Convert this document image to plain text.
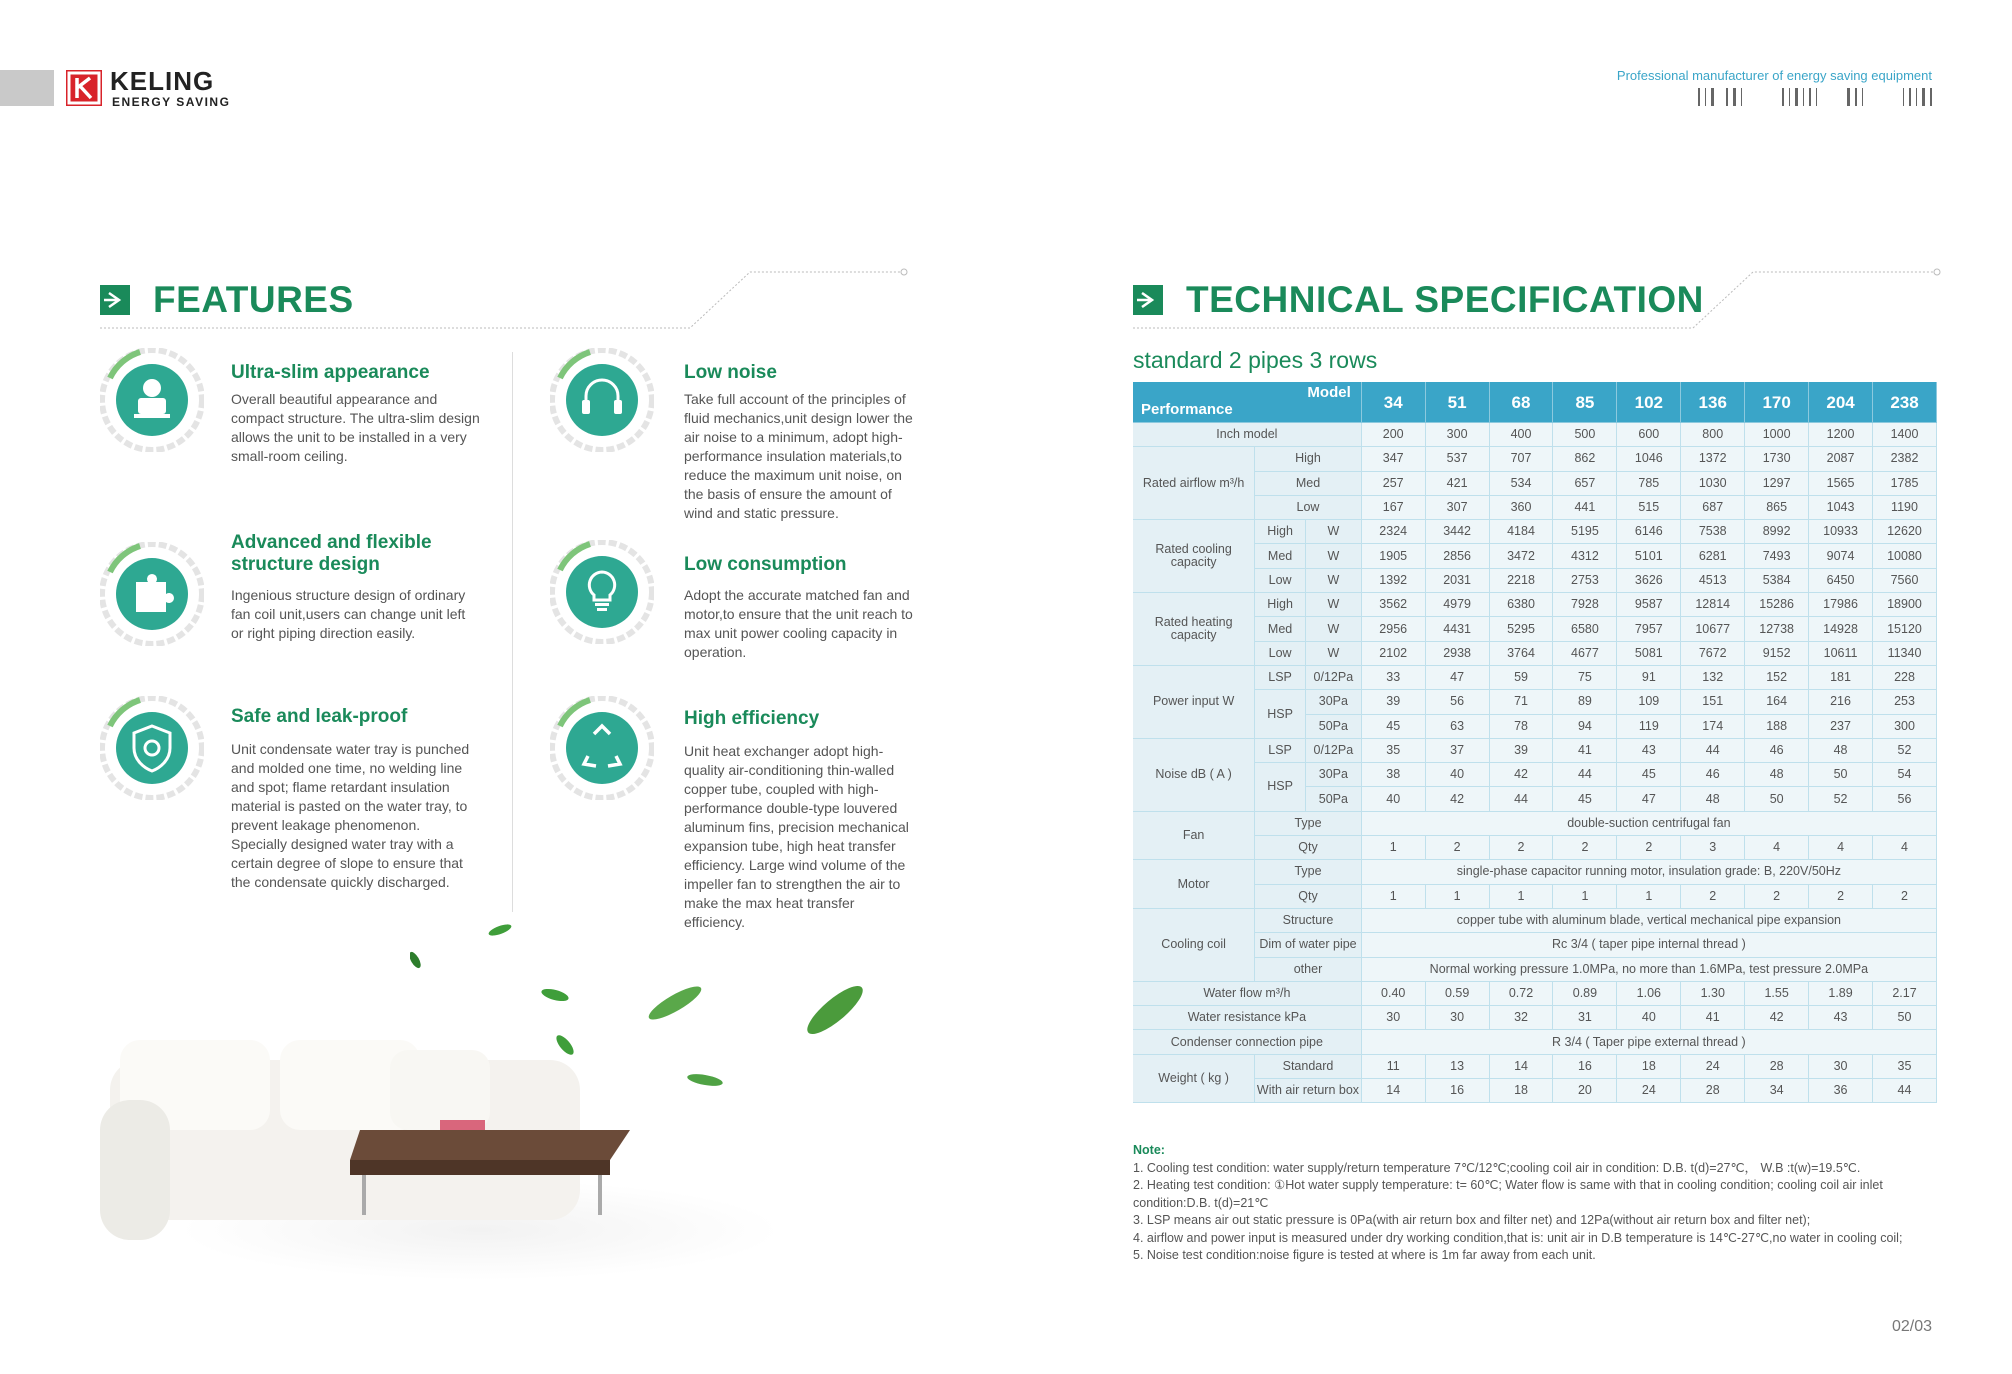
KELING
ENERGY SAVING
Professional manufacturer of energy saving equipment
FEATURES
Ultra-slim appearance

Overall beautiful appearance and compact structure. The ultra-slim design allows the unit to be installed in a very small-room ceiling.

Advanced and flexible structure design

Ingenious structure design of ordinary fan coil unit,users can change unit left or right piping direction easily.

Safe and leak-proof

Unit condensate water tray is punched and molded one time, no welding line and spot; flame retardant insulation material is pasted on the water tray, to prevent leakage phenomenon. Specially designed water tray with a certain degree of slope to ensure that the condensate quickly discharged.

Low noise

Take full account of the principles of fluid mechanics,unit design lower the air noise to a minimum, adopt high-performance insulation materials,to reduce the maximum unit noise, on the basis of ensure the amount of wind and static pressure.

Low consumption

Adopt the accurate matched fan and motor,to ensure that the unit reach to max unit power cooling capacity in operation.

High efficiency

Unit heat exchanger adopt high-quality air-conditioning thin-walled copper tube, coupled with high-performance double-type louvered aluminum fins, precision mechanical expansion tube, high heat transfer efficiency. Large wind volume of the impeller fan to strengthen the air to make the max heat transfer efficiency.

TECHNICAL SPECIFICATION
standard 2 pipes 3 rows
Model
Performance			34	51	68	85	102	136	170	204	238
Inch model			200	300	400	500	600	800	1000	1200	1400
Rated airflow m³/h	High		347	537	707	862	1046	1372	1730	2087	2382
	Med		257	421	534	657	785	1030	1297	1565	1785
	Low		167	307	360	441	515	687	865	1043	1190
Rated cooling capacity	High	W	2324	3442	4184	5195	6146	7538	8992	10933	12620
	Med	W	1905	2856	3472	4312	5101	6281	7493	9074	10080
	Low	W	1392	2031	2218	2753	3626	4513	5384	6450	7560
Rated heating capacity	High	W	3562	4979	6380	7928	9587	12814	15286	17986	18900
	Med	W	2956	4431	5295	6580	7957	10677	12738	14928	15120
	Low	W	2102	2938	3764	4677	5081	7672	9152	10611	11340
Power input W	LSP	0/12Pa	33	47	59	75	91	132	152	181	228
	HSP	30Pa	39	56	71	89	109	151	164	216	253
		50Pa	45	63	78	94	119	174	188	237	300
Noise dB ( A )	LSP	0/12Pa	35	37	39	41	43	44	46	48	52
	HSP	30Pa	38	40	42	44	45	46	48	50	54
		50Pa	40	42	44	45	47	48	50	52	56
Fan	Type		double-suction centrifugal fan								
	Qty		1	2	2	2	2	3	4	4	4
Motor	Type		single-phase capacitor running motor, insulation grade: B, 220V/50Hz								
	Qty		1	1	1	1	1	2	2	2	2
Cooling coil	Structure		copper tube with aluminum blade, vertical mechanical pipe expansion								
	Dim of water pipe		Rc 3/4 ( taper pipe internal thread )								
	other		Normal working pressure 1.0MPa, no more than 1.6MPa, test pressure 2.0MPa								
Water flow m³/h			0.40	0.59	0.72	0.89	1.06	1.30	1.55	1.89	2.17
Water resistance kPa			30	30	32	31	40	41	42	43	50
Condenser connection pipe			R 3/4 ( Taper pipe external thread )								
Weight ( kg )	Standard		11	13	14	16	18	24	28	30	35
	With air return box		14	16	18	20	24	28	34	36	44
Note:
1. Cooling test condition: water supply/return temperature 7℃/12℃;cooling coil air in condition: D.B. t(d)=27℃， W.B :t(w)=19.5℃.
2. Heating test condition: ①Hot water supply temperature: t= 60℃; Water flow is same with that in cooling condition; cooling coil air inlet condition:D.B. t(d)=21℃
3. LSP means air out static pressure is 0Pa(with air return box and filter net) and 12Pa(without air return box and filter net);
4. airflow and power input is measured under dry working condition,that is: unit air in D.B temperature is 14℃-27℃,no water in cooling coil;
5. Noise test condition:noise figure is tested at where is 1m far away from each unit.
02/03
